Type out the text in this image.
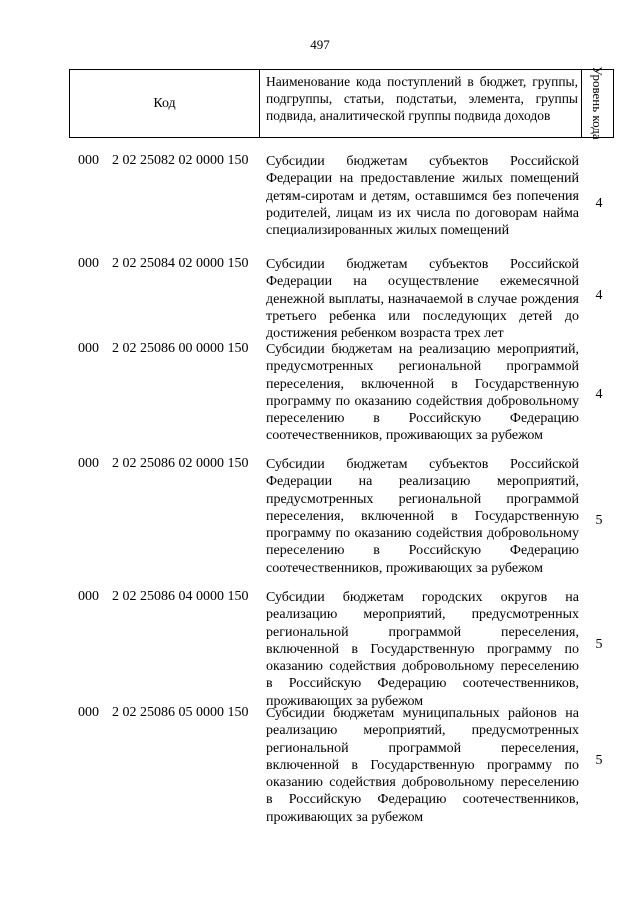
497
Код
Наименование кода поступлений в бюджет, группы, подгруппы, статьи, подстатьи, элемента, группы подвида, аналитической группы подвида доходов	Уровень кода
000 2 02 25082 02 0000 150 Субсидии бюджетам субъектов Российской Федерации на предоставление жилых помещений детям-сиротам и детям, оставшимся без попечения родителей, лицам из их числа по договорам найма специализированных жилых помещений
4
000 2 02 25084 02 0000 150 Субсидии бюджетам субъектов Российской Федерации на осуществление ежемесячной денежной выплаты, назначаемой в случае рождения третьего ребенка или последующих детей до достижения ребенком возраста трех лет
4
000 2 02 25086 00 0000 150 Субсидии бюджетам на реализацию мероприятий, предусмотренных региональной программой переселения, включенной в Государственную программу по оказанию содействия добровольному переселению в Российскую Федерацию соотечественников, проживающих за рубежом
4
000 2 02 25086 02 0000 150 Субсидии бюджетам субъектов Российской Федерации на реализацию мероприятий, предусмотренных региональной программой переселения, включенной в Государственную программу по оказанию содействия добровольному переселению в Российскую Федерацию соотечественников, проживающих за рубежом
5
000 2 02 25086 04 0000 150 Субсидии бюджетам городских округов на реализацию мероприятий, предусмотренных региональной программой переселения, включенной в Государственную программу по оказанию содействия добровольному переселению в Российскую Федерацию соотечественников, проживающих за рубежом
5
000 2 02 25086 05 0000 150 Субсидии бюджетам муниципальных районов на реализацию мероприятий, предусмотренных региональной программой переселения, включенной в Государственную программу по оказанию содействия добровольному переселению в Российскую Федерацию соотечественников, проживающих за рубежом
5
